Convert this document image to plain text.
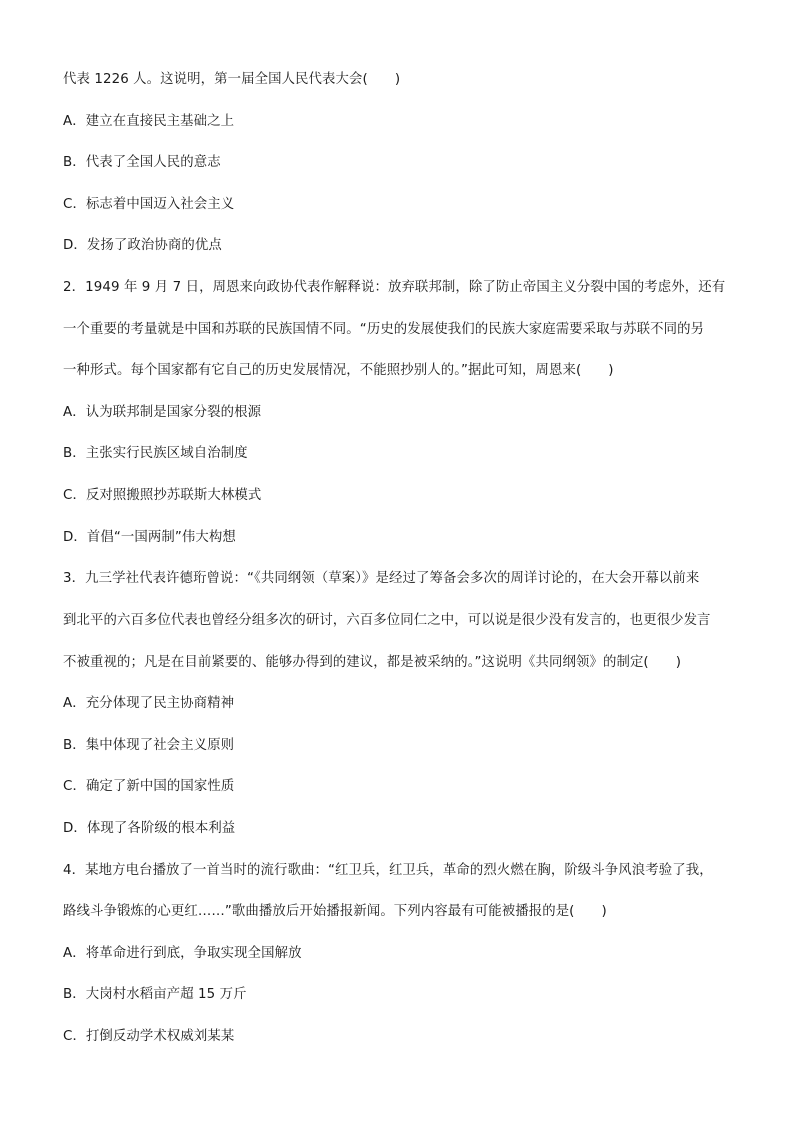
代表 1226 人。这说明，第一届全国人民代表大会(　　)
A．建立在直接民主基础之上
B．代表了全国人民的意志
C．标志着中国迈入社会主义
D．发扬了政治协商的优点
2．1949 年 9 月 7 日，周恩来向政协代表作解释说：放弃联邦制，除了防止帝国主义分裂中国的考虑外，还有
一个重要的考量就是中国和苏联的民族国情不同。“历史的发展使我们的民族大家庭需要采取与苏联不同的另
一种形式。每个国家都有它自己的历史发展情况，不能照抄别人的。”据此可知，周恩来(　　)
A．认为联邦制是国家分裂的根源
B．主张实行民族区域自治制度
C．反对照搬照抄苏联斯大林模式
D．首倡“一国两制”伟大构想
3．九三学社代表许德珩曾说：“《共同纲领（草案）》是经过了筹备会多次的周详讨论的，在大会开幕以前来
到北平的六百多位代表也曾经分组多次的研讨，六百多位同仁之中，可以说是很少没有发言的，也更很少发言
不被重视的；凡是在目前紧要的、能够办得到的建议，都是被采纳的。”这说明《共同纲领》的制定(　　)
A．充分体现了民主协商精神
B．集中体现了社会主义原则
C．确定了新中国的国家性质
D．体现了各阶级的根本利益
4．某地方电台播放了一首当时的流行歌曲：“红卫兵，红卫兵，革命的烈火燃在胸，阶级斗争风浪考验了我，
路线斗争锻炼的心更红……”歌曲播放后开始播报新闻。下列内容最有可能被播报的是(　　)
A．将革命进行到底，争取实现全国解放
B．大岗村水稻亩产超 15 万斤
C．打倒反动学术权威刘某某
